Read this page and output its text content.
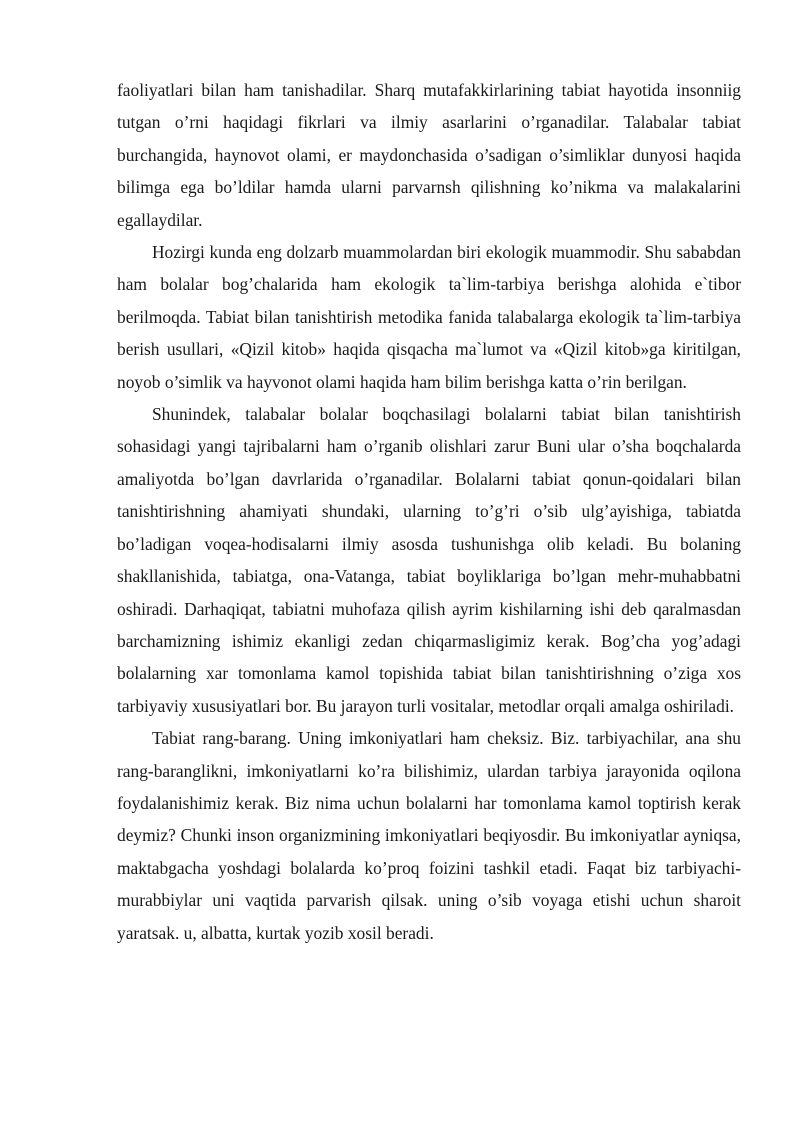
faoliyatlari bilan ham tanishadilar. Sharq mutafakkirlarining tabiat hayotida insonniig tutgan o’rni haqidagi fikrlari va ilmiy asarlarini o’rganadilar. Talabalar tabiat burchangida, haynovot olami, er maydonchasida o’sadigan o’simliklar dunyosi haqida bilimga ega bo’ldilar hamda ularni parvarnsh qilishning ko’nikma va malakalarini egallaydilar.

Hozirgi kunda eng dolzarb muammolardan biri ekologik muammodir. Shu sababdan ham bolalar bog’chalarida ham ekologik ta`lim-tarbiya berishga alohida e`tibor berilmoqda. Tabiat bilan tanishtirish metodika fanida talabalarga ekologik ta`lim-tarbiya berish usullari, «Qizil kitob» haqida qisqacha ma`lumot va «Qizil kitob»ga kiritilgan, noyob o’simlik va hayvonot olami haqida ham bilim berishga katta o’rin berilgan.

Shunindek, talabalar bolalar boqchasilagi bolalarni tabiat bilan tanishtirish sohasidagi yangi tajribalarni ham o’rganib olishlari zarur Buni ular o’sha boqchalarda amaliyotda bo’lgan davrlarida o’rganadilar. Bolalarni tabiat qonun-qoidalari bilan tanishtirishning ahamiyati shundaki, ularning to’g’ri o’sib ulg’ayishiga, tabiatda bo’ladigan voqea-hodisalarni ilmiy asosda tushunishga olib keladi. Bu bolaning shakllanishida, tabiatga, ona-Vatanga, tabiat boyliklariga bo’lgan mehr-muhabbatni oshiradi. Darhaqiqat, tabiatni muhofaza qilish ayrim kishilarning ishi deb qaralmasdan barchamizning ishimiz ekanligi zedan chiqarmasligimiz kerak. Bog’cha yog’adagi bolalarning xar tomonlama kamol topishida tabiat bilan tanishtirishning o’ziga xos tarbiyaviy xususiyatlari bor. Bu jarayon turli vositalar, metodlar orqali amalga oshiriladi.

Tabiat rang-barang. Uning imkoniyatlari ham cheksiz. Biz. tarbiyachilar, ana shu rang-baranglikni, imkoniyatlarni ko’ra bilishimiz, ulardan tarbiya jarayonida oqilona foydalanishimiz kerak. Biz nima uchun bolalarni har tomonlama kamol toptirish kerak deymiz? Chunki inson organizmining imkoniyatlari beqiyosdir. Bu imkoniyatlar ayniqsa, maktabgacha yoshdagi bolalarda ko’proq foizini tashkil etadi. Faqat biz tarbiyachi-murabbiylar uni vaqtida parvarish qilsak. uning o’sib voyaga etishi uchun sharoit yaratsak. u, albatta, kurtak yozib xosil beradi.
